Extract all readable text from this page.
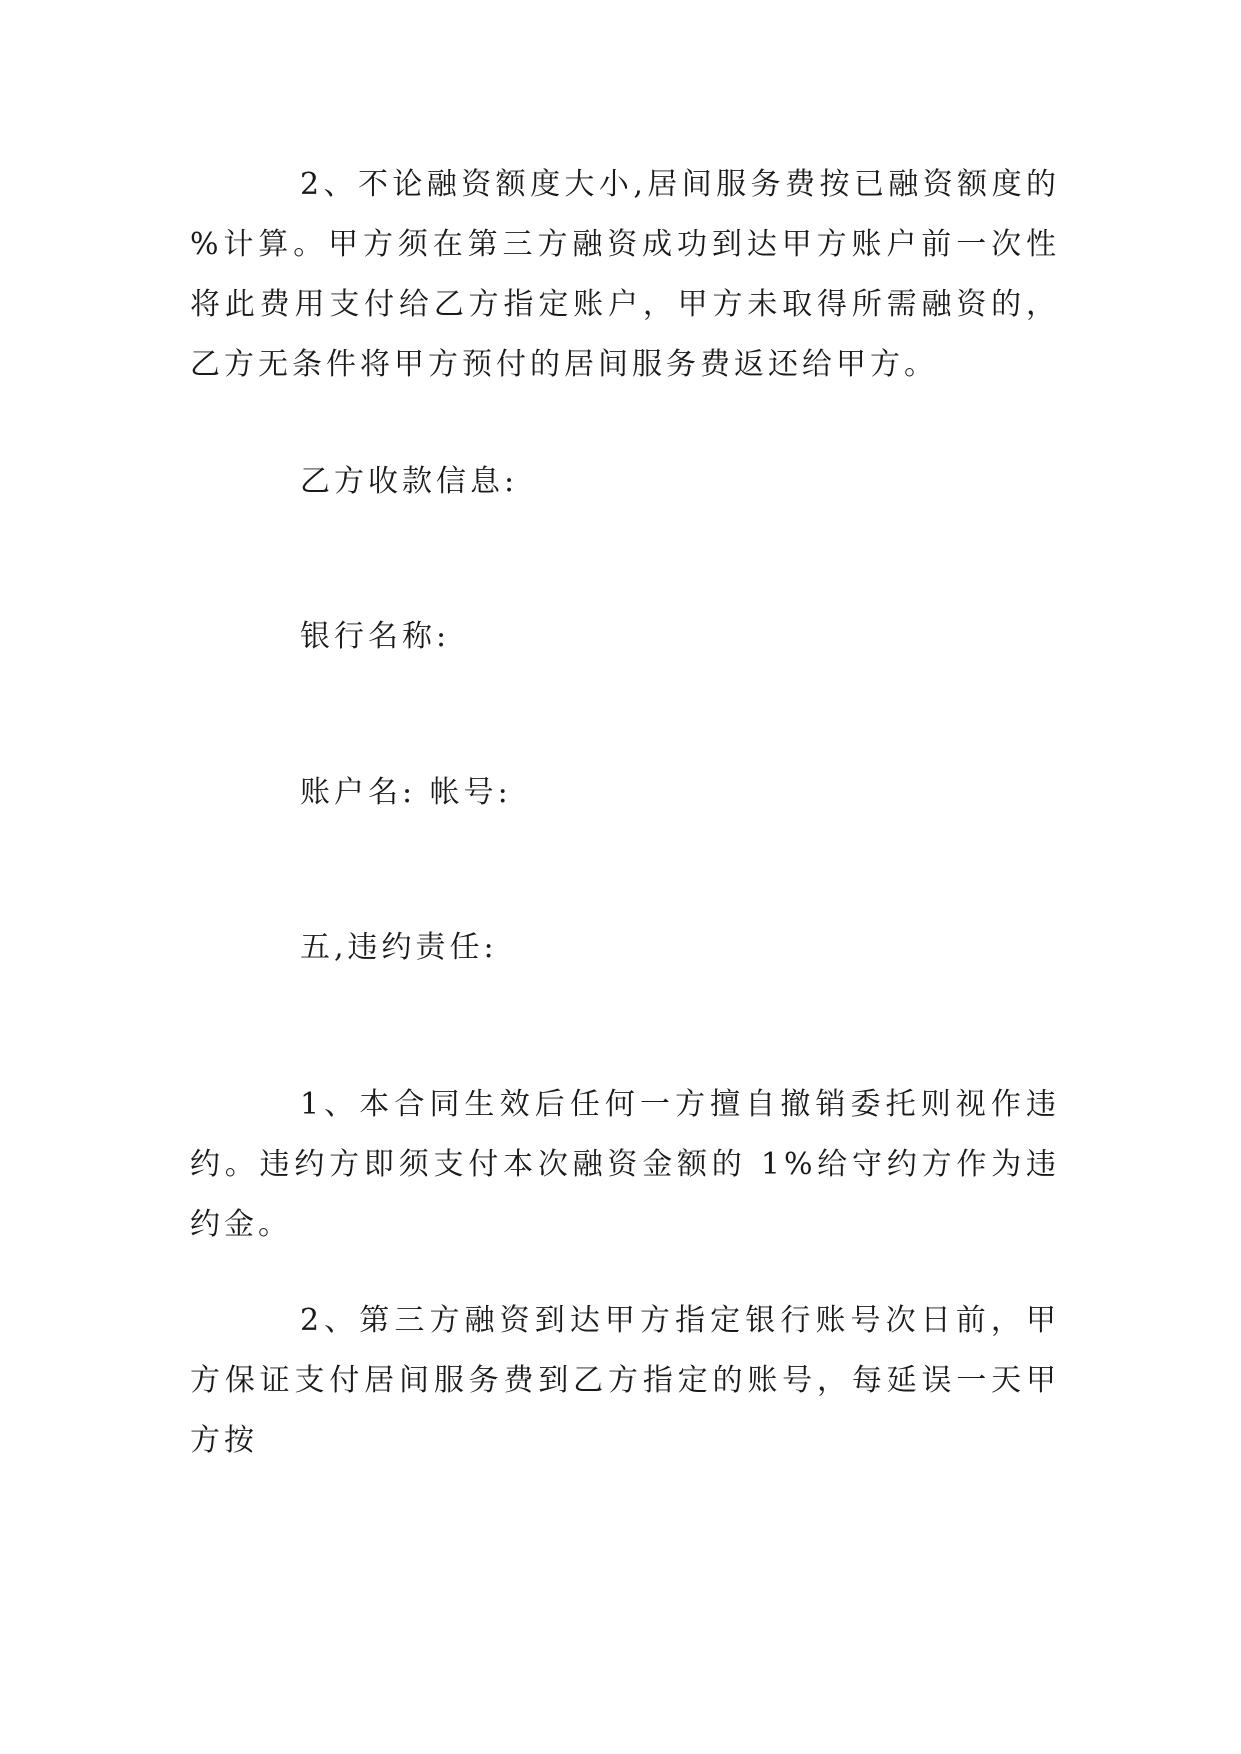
2、不论融资额度大小,居间服务费按已融资额度的 %计算。甲方须在第三方融资成功到达甲方账户前一次性将此费用支付给乙方指定账户，甲方未取得所需融资的，乙方无条件将甲方预付的居间服务费返还给甲方。

乙方收款信息:

银行名称:

账户名: 帐号:

五,违约责任:

1、本合同生效后任何一方擅自撤销委托则视作违约。违约方即须支付本次融资金额的 1%给守约方作为违约金。

2、第三方融资到达甲方指定银行账号次日前，甲方保证支付居间服务费到乙方指定的账号，每延误一天甲方按
